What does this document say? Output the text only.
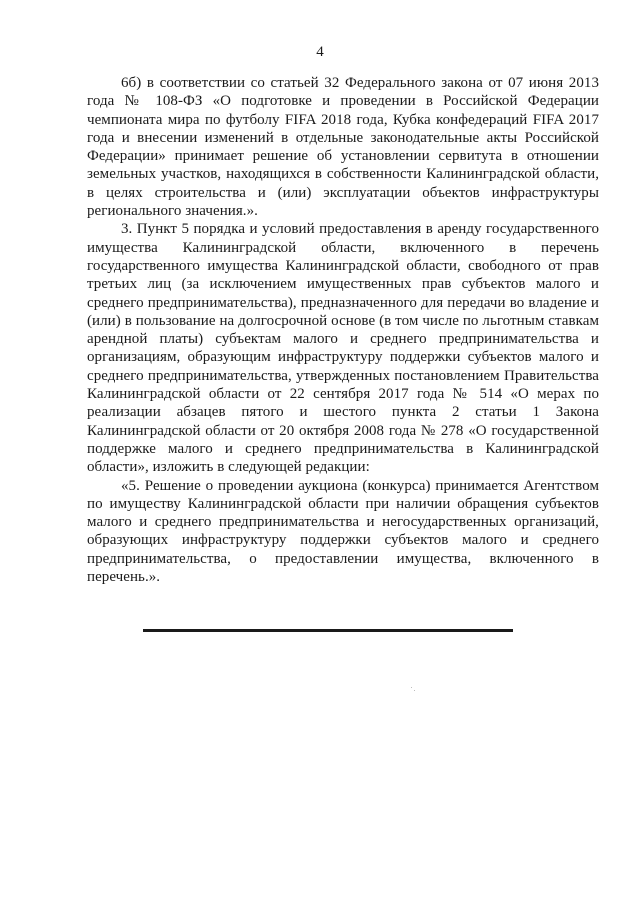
4

6б) в соответствии со статьей 32 Федерального закона от 07 июня 2013 года № 108-ФЗ «О подготовке и проведении в Российской Федерации чемпионата мира по футболу FIFA 2018 года, Кубка конфедераций FIFA 2017 года и внесении изменений в отдельные законодательные акты Российской Федерации» принимает решение об установлении сервитута в отношении земельных участков, находящихся в собственности Калининградской области, в целях строительства и (или) эксплуатации объектов инфраструктуры регионального значения.».

3. Пункт 5 порядка и условий предоставления в аренду государственного имущества Калининградской области, включенного в перечень государственного имущества Калининградской области, свободного от прав третьих лиц (за исключением имущественных прав субъектов малого и среднего предпринимательства), предназначенного для передачи во владение и (или) в пользование на долгосрочной основе (в том числе по льготным ставкам арендной платы) субъектам малого и среднего предпринимательства и организациям, образующим инфраструктуру поддержки субъектов малого и среднего предпринимательства, утвержденных постановлением Правительства Калининградской области от 22 сентября 2017 года № 514 «О мерах по реализации абзацев пятого и шестого пункта 2 статьи 1 Закона Калининградской области от 20 октября 2008 года № 278 «О государственной поддержке малого и среднего предпринимательства в Калининградской области», изложить в следующей редакции:

«5. Решение о проведении аукциона (конкурса) принимается Агентством по имуществу Калининградской области при наличии обращения субъектов малого и среднего предпринимательства и негосударственных организаций, образующих инфраструктуру поддержки субъектов малого и среднего предпринимательства, о предоставлении имущества, включенного в перечень.».
